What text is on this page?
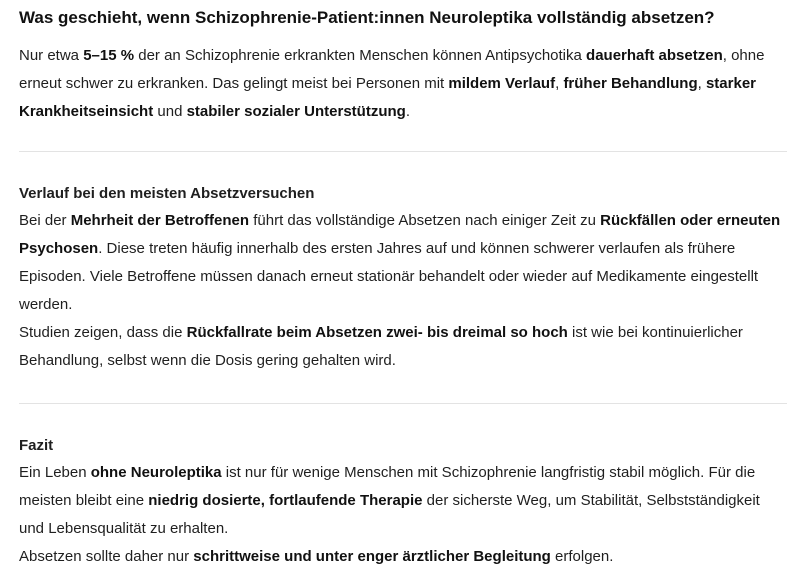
Was geschieht, wenn Schizophrenie-Patient:innen Neuroleptika vollständig absetzen?

Nur etwa 5–15 % der an Schizophrenie erkrankten Menschen können Antipsychotika dauerhaft absetzen, ohne erneut schwer zu erkranken. Das gelingt meist bei Personen mit mildem Verlauf, früher Behandlung, starker Krankheitseinsicht und stabiler sozialer Unterstützung.

Verlauf bei den meisten Absetzversuchen

Bei der Mehrheit der Betroffenen führt das vollständige Absetzen nach einiger Zeit zu Rückfällen oder erneuten Psychosen. Diese treten häufig innerhalb des ersten Jahres auf und können schwerer verlaufen als frühere Episoden. Viele Betroffene müssen danach erneut stationär behandelt oder wieder auf Medikamente eingestellt werden.

Studien zeigen, dass die Rückfallrate beim Absetzen zwei- bis dreimal so hoch ist wie bei kontinuierlicher Behandlung, selbst wenn die Dosis gering gehalten wird.

Fazit

Ein Leben ohne Neuroleptika ist nur für wenige Menschen mit Schizophrenie langfristig stabil möglich. Für die meisten bleibt eine niedrig dosierte, fortlaufende Therapie der sicherste Weg, um Stabilität, Selbstständigkeit und Lebensqualität zu erhalten.

Absetzen sollte daher nur schrittweise und unter enger ärztlicher Begleitung erfolgen.
